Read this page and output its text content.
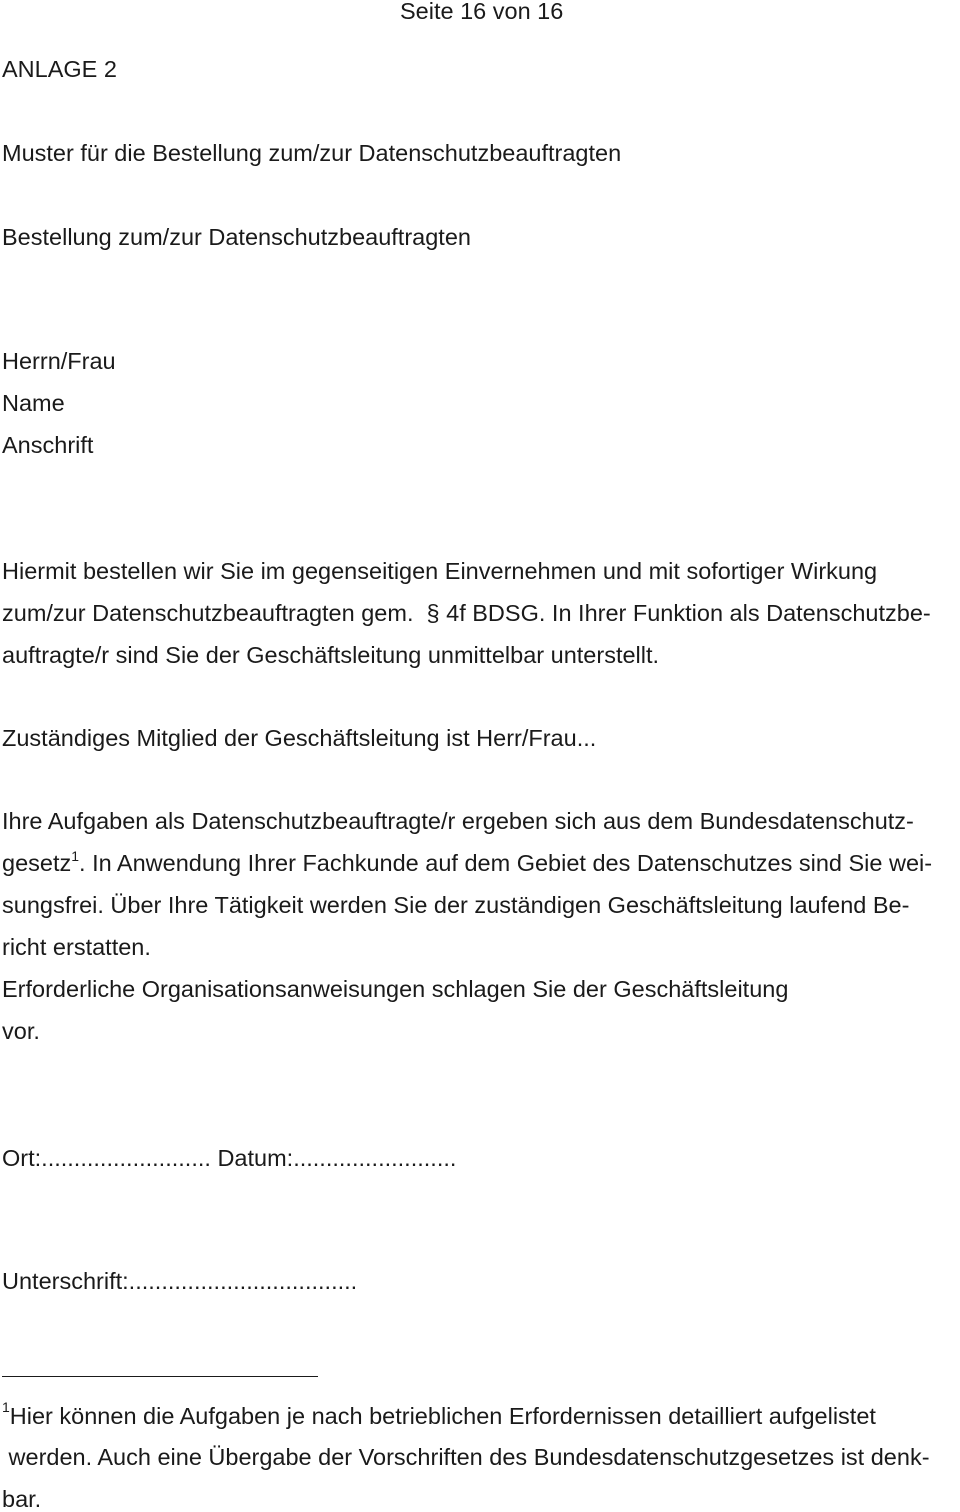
Seite 16 von 16
ANLAGE 2
Muster für die Bestellung zum/zur Datenschutzbeauftragten
Bestellung zum/zur Datenschutzbeauftragten
Herrn/Frau
Name
Anschrift
Hiermit bestellen wir Sie im gegenseitigen Einvernehmen und mit sofortiger Wirkung
zum/zur Datenschutzbeauftragten gem.  § 4f BDSG. In Ihrer Funktion als Datenschutzbe-
auftragte/r sind Sie der Geschäftsleitung unmittelbar unterstellt.
Zuständiges Mitglied der Geschäftsleitung ist Herr/Frau...
Ihre Aufgaben als Datenschutzbeauftragte/r ergeben sich aus dem Bundesdatenschutz-
gesetz$^1$. In Anwendung Ihrer Fachkunde auf dem Gebiet des Datenschutzes sind Sie wei-
sungsfrei. Über Ihre Tätigkeit werden Sie der zuständigen Geschäftsleitung laufend Be-
richt erstatten.
Erforderliche Organisationsanweisungen schlagen Sie der Geschäftsleitung
vor.
Ort:.......................... Datum:.........................
Unterschrift:...................................
$^1$Hier können die Aufgaben je nach betrieblichen Erfordernissen detailliert aufgelistet
werden. Auch eine Übergabe der Vorschriften des Bundesdatenschutzgesetzes ist denk-
bar.
